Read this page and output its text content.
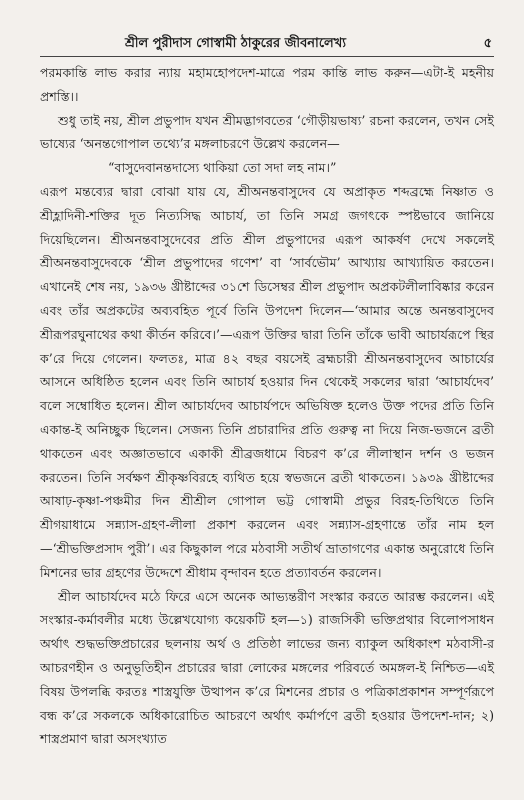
শ্রীল পুরীদাস গোস্বামী ঠাকুরের জীবনালেখ্য	৫

পরমকান্তি লাভ করার ন্যায় মহামহোপদেশ-মাত্রে পরম কান্তি লাভ করুন—এটা-ই মহনীয় প্রশস্তি।।

শুধু তাই নয়, শ্রীল প্রভুপাদ যখন শ্রীমদ্ভাগবতের ‘গৌড়ীয়ভাষ্য’ রচনা করলেন, তখন সেই ভাষ্যের ‘অনন্তগোপাল তথ্যে’র মঙ্গলাচরণে উল্লেখ করলেন—

“বাসুদেবানন্তদাস্যে থাকিয়া তো সদা লহ নাম।”

এরূপ মন্তব্যের দ্বারা বোঝা যায় যে, শ্রীঅনন্তবাসুদেব যে অপ্রাকৃত শব্দব্রহ্মে নিষ্ণাত ও শ্রীহ্লাদিনী-শক্তির দূত নিত্যসিদ্ধ আচার্য, তা তিনি সমগ্র জগৎকে স্পষ্টভাবে জানিয়ে দিয়েছিলেন। শ্রীঅনন্তবাসুদেবের প্রতি শ্রীল প্রভুপাদের এরূপ আকর্ষণ দেখে সকলেই শ্রীঅনন্তবাসুদেবকে ‘শ্রীল প্রভুপাদের গণেশ’ বা ‘সার্বভৌম’ আখ্যায় আখ্যায়িত করতেন। এখানেই শেষ নয়, ১৯৩৬ খ্রীষ্টাব্দের ৩১শে ডিসেম্বর শ্রীল প্রভুপাদ অপ্রকটলীলাবিষ্কার করেন এবং তাঁর অপ্রকটের অব্যবহিত পূর্বে তিনি উপদেশ দিলেন—‘আমার অন্তে অনন্তবাসুদেব শ্রীরূপরঘুনাথের কথা কীর্তন করিবে।’—এরূপ উক্তির দ্বারা তিনি তাঁকে ভাবী আচার্যরূপে স্থির ক’রে দিয়ে গেলেন। ফলতঃ, মাত্র ৪২ বছর বয়সেই ব্রহ্মচারী শ্রীঅনন্তবাসুদেব আচার্যের আসনে অধিষ্ঠিত হলেন এবং তিনি আচার্য হওয়ার দিন থেকেই সকলের দ্বারা ‘আচার্যদেব’ বলে সম্বোধিত হলেন। শ্রীল আচার্যদেব আচার্যপদে অভিষিক্ত হলেও উক্ত পদের প্রতি তিনি একান্ত-ই অনিচ্ছুক ছিলেন। সেজন্য তিনি প্রচারাদির প্রতি গুরুত্ব না দিয়ে নিজ-ভজনে ব্রতী থাকতেন এবং অজ্ঞাতভাবে একাকী শ্রীব্রজধামে বিচরণ ক’রে লীলাস্থান দর্শন ও ভজন করতেন। তিনি সর্বক্ষণ শ্রীকৃষ্ণবিরহে ব্যথিত হয়ে স্বভজনে ব্রতী থাকতেন। ১৯৩৯ খ্রীষ্টাব্দের আষাঢ়-কৃষ্ণা-পঞ্চমীর দিন শ্রীশ্রীল গোপাল ভট্ট গোস্বামী প্রভুর বিরহ-তিথিতে তিনি শ্রীগয়াধামে সন্ন্যাস-গ্রহণ-লীলা প্রকাশ করলেন এবং সন্ন্যাস-গ্রহণান্তে তাঁর নাম হল—‘শ্রীভক্তিপ্রসাদ পুরী’। এর কিছুকাল পরে মঠবাসী সতীর্থ ভ্রাতাগণের একান্ত অনুরোধে তিনি মিশনের ভার গ্রহণের উদ্দেশে শ্রীধাম বৃন্দাবন হতে প্রত্যাবর্তন করলেন।

শ্রীল আচার্যদেব মঠে ফিরে এসে অনেক আভ্যন্তরীণ সংস্কার করতে আরম্ভ করলেন। এই সংস্কার-কর্মাবলীর মধ্যে উল্লেখযোগ্য কয়েকটি হল—১) রাজসিকী ভক্তিপ্রথার বিলোপসাধন অর্থাৎ শুদ্ধভক্তিপ্রচারের ছলনায় অর্থ ও প্রতিষ্ঠা লাভের জন্য ব্যাকুল অধিকাংশ মঠবাসী-র আচরণহীন ও অনুভূতিহীন প্রচারের দ্বারা লোকের মঙ্গলের পরিবর্তে অমঙ্গল-ই নিশ্চিত—এই বিষয় উপলব্ধি করতঃ শাস্ত্রযুক্তি উত্থাপন ক’রে মিশনের প্রচার ও পত্রিকাপ্রকাশন সম্পূর্ণরূপে বন্ধ ক’রে সকলকে অধিকারোচিত আচরণে অর্থাৎ কর্মার্পণে ব্রতী হওয়ার উপদেশ-দান; ২) শাস্ত্রপ্রমাণ দ্বারা অসংখ্যাত
